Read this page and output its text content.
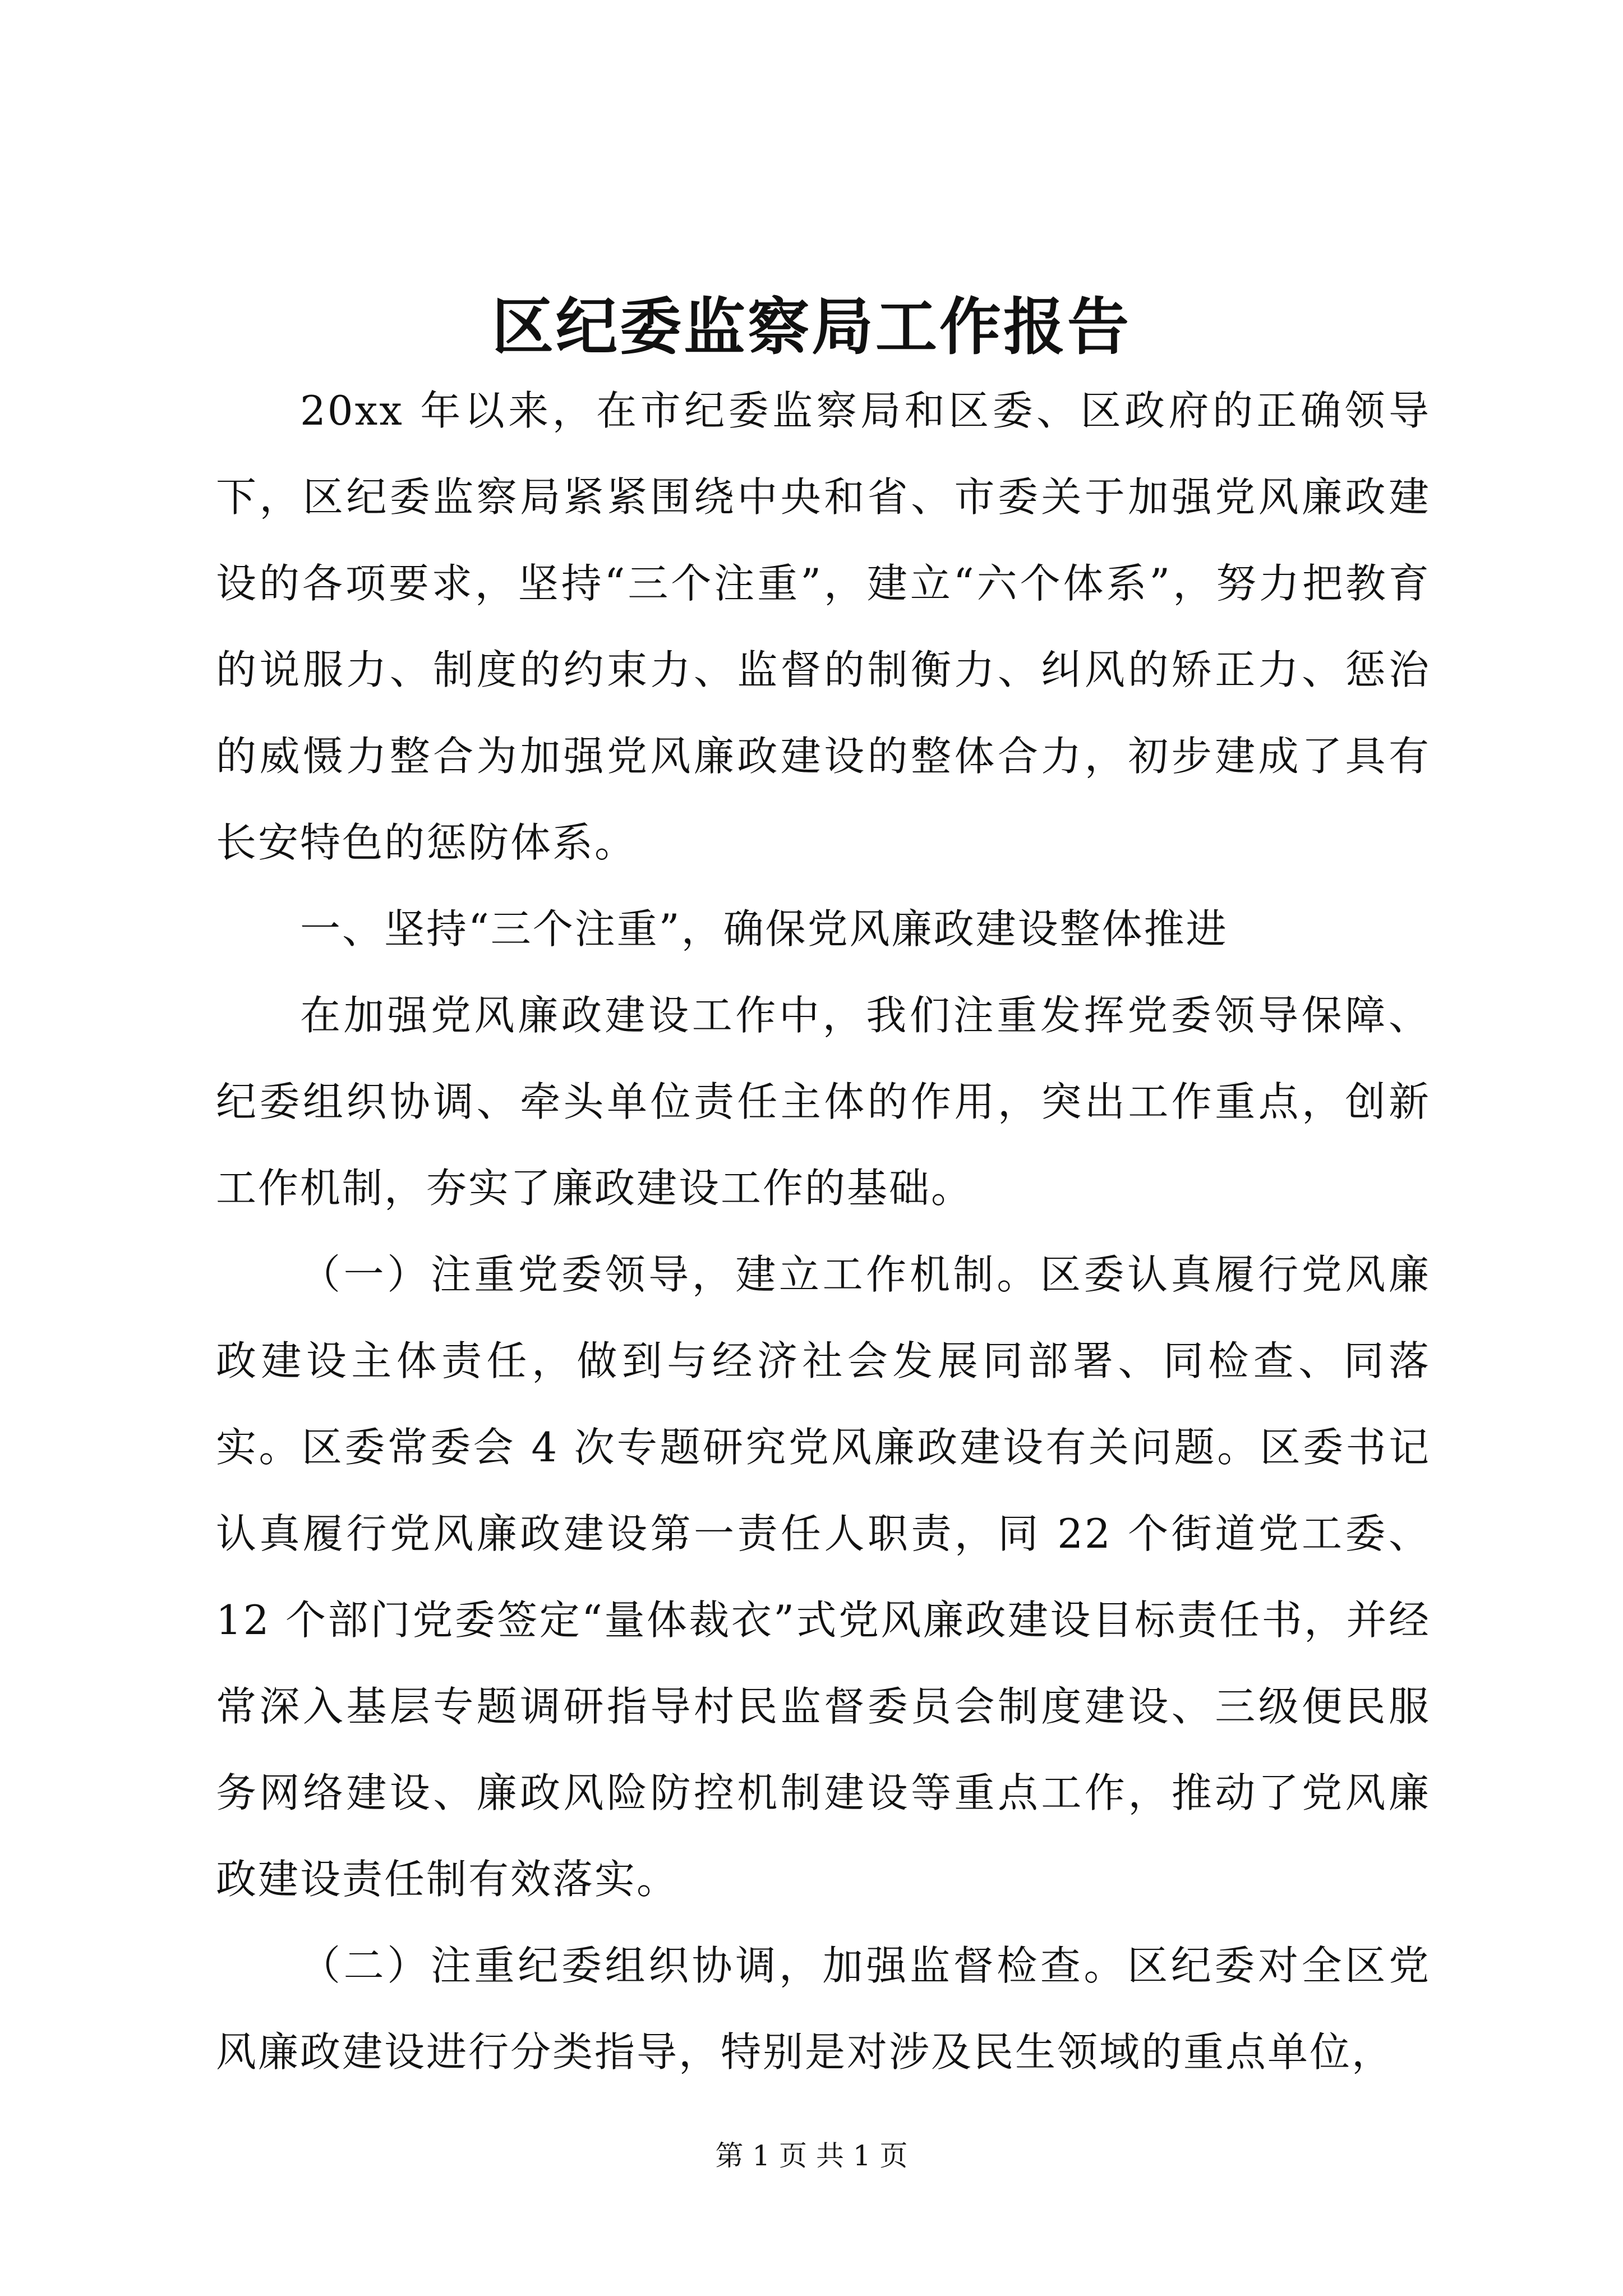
区纪委监察局工作报告

20xx 年以来，在市纪委监察局和区委、区政府的正确领导下，区纪委监察局紧紧围绕中央和省、市委关于加强党风廉政建设的各项要求，坚持“三个注重”，建立“六个体系”，努力把教育的说服力、制度的约束力、监督的制衡力、纠风的矫正力、惩治的威慑力整合为加强党风廉政建设的整体合力，初步建成了具有长安特色的惩防体系。

一、坚持“三个注重”，确保党风廉政建设整体推进

在加强党风廉政建设工作中，我们注重发挥党委领导保障、纪委组织协调、牵头单位责任主体的作用，突出工作重点，创新工作机制，夯实了廉政建设工作的基础。

（一）注重党委领导，建立工作机制。区委认真履行党风廉政建设主体责任，做到与经济社会发展同部署、同检查、同落实。区委常委会 4 次专题研究党风廉政建设有关问题。区委书记认真履行党风廉政建设第一责任人职责，同 22 个街道党工委、12 个部门党委签定“量体裁衣”式党风廉政建设目标责任书，并经常深入基层专题调研指导村民监督委员会制度建设、三级便民服务网络建设、廉政风险防控机制建设等重点工作，推动了党风廉政建设责任制有效落实。

（二）注重纪委组织协调，加强监督检查。区纪委对全区党风廉政建设进行分类指导，特别是对涉及民生领域的重点单位，

第 1 页 共 1 页
